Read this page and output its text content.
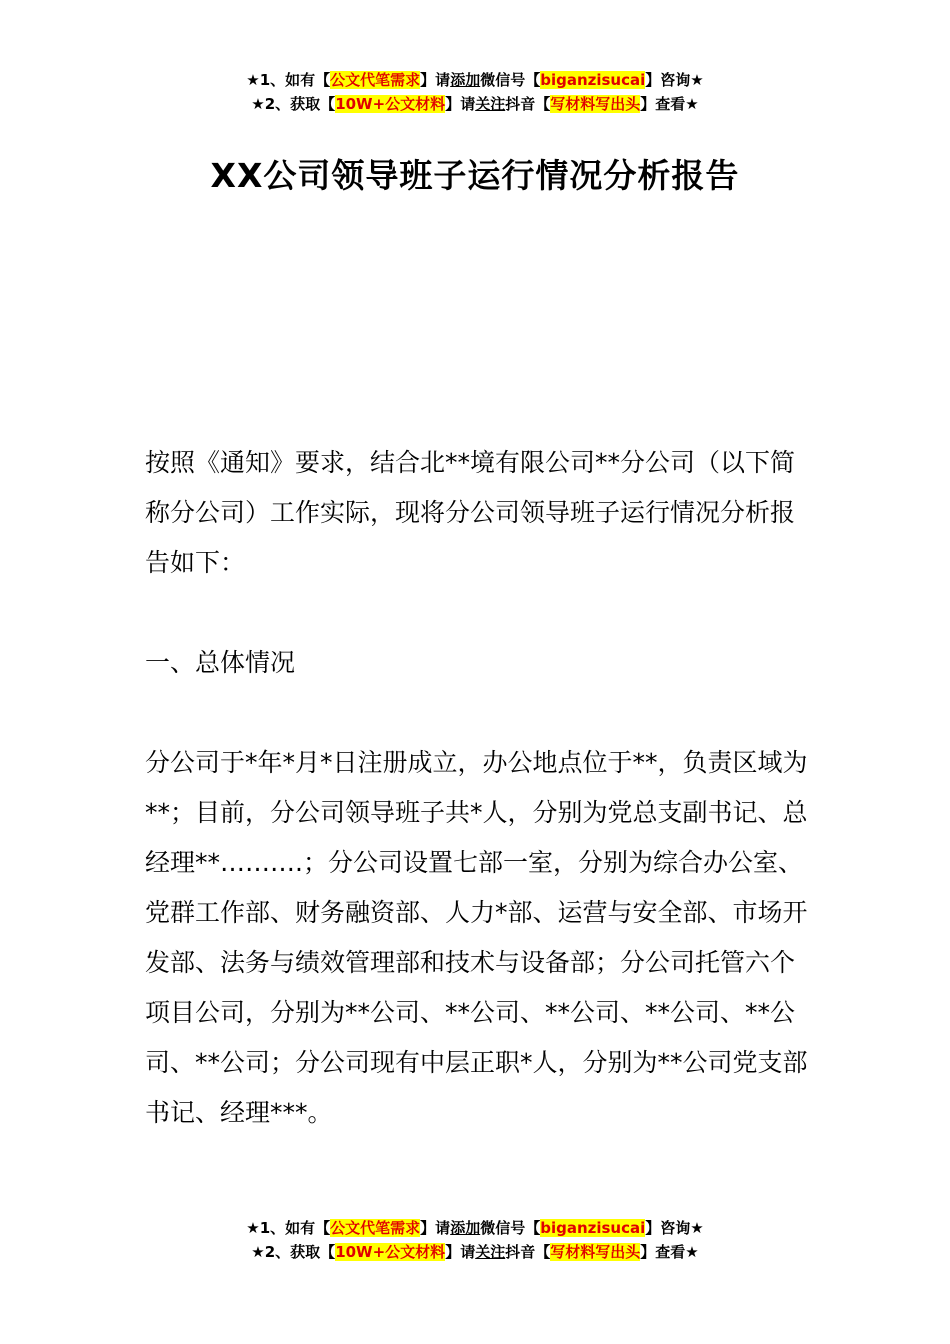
★1、如有【公文代笔需求】请添加微信号【biganzisucai】咨询★
★2、获取【10W+公文材料】请关注抖音【写材料写出头】查看★
XX公司领导班子运行情况分析报告

按照《通知》要求，结合北**境有限公司**分公司（以下简称分公司）工作实际，现将分公司领导班子运行情况分析报告如下：

一、总体情况

分公司于*年*月*日注册成立，办公地点位于**，负责区域为**；目前，分公司领导班子共*人，分别为党总支副书记、总经理**……….；分公司设置七部一室，分别为综合办公室、党群工作部、财务融资部、人力*部、运营与安全部、市场开发部、法务与绩效管理部和技术与设备部；分公司托管六个项目公司，分别为**公司、**公司、**公司、**公司、**公司、**公司；分公司现有中层正职*人，分别为**公司党支部书记、经理***。

★1、如有【公文代笔需求】请添加微信号【biganzisucai】咨询★
★2、获取【10W+公文材料】请关注抖音【写材料写出头】查看★
